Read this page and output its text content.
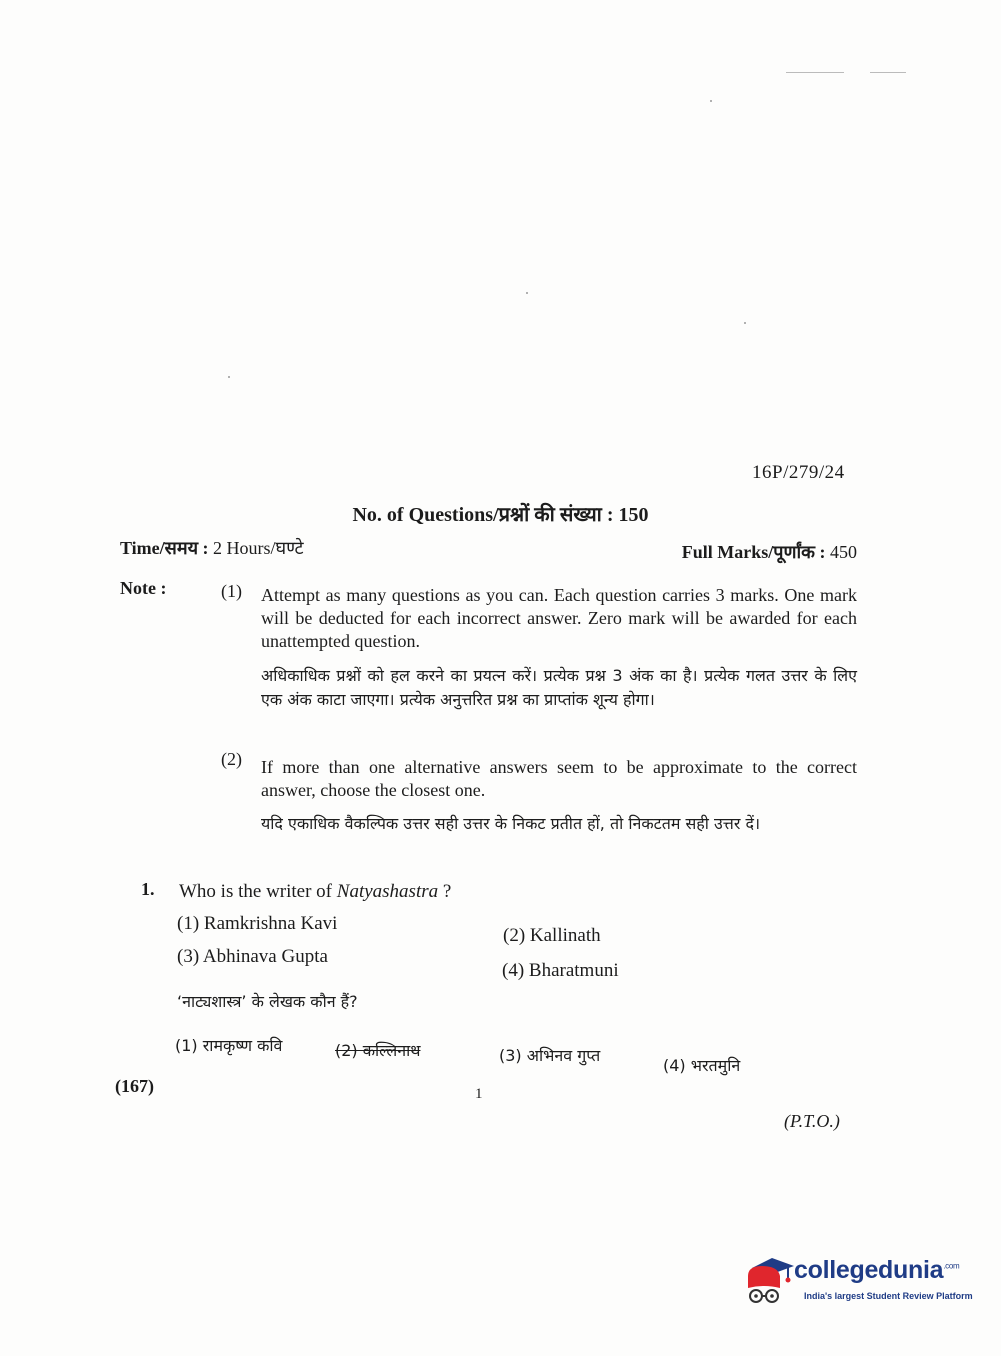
16P/279/24
No. of Questions/प्रश्नों की संख्या : 150
Time/समय : 2 Hours/घण्टे	Full Marks/पूर्णांक : 450
Note :	(1) Attempt as many questions as you can. Each question carries 3 marks. One mark will be deducted for each incorrect answer. Zero mark will be awarded for each unattempted question.
अधिकाधिक प्रश्नों को हल करने का प्रयत्न करें। प्रत्येक प्रश्न 3 अंक का है। प्रत्येक गलत उत्तर के लिए एक अंक काटा जाएगा। प्रत्येक अनुत्तरित प्रश्न का प्राप्तांक शून्य होगा।
(2) If more than one alternative answers seem to be approximate to the correct answer, choose the closest one.
यदि एकाधिक वैकल्पिक उत्तर सही उत्तर के निकट प्रतीत हों, तो निकटतम सही उत्तर दें।
1. Who is the writer of Natyashastra ?
(1) Ramkrishna Kavi
(2) Kallinath
(3) Abhinava Gupta
(4) Bharatmuni
‘नाट्यशास्त्र’ के लेखक कौन हैं?
(1) रामकृष्ण कवि	(2) कल्लिनाथ	(3) अभिनव गुप्त
(4) भरतमुनि
(167)	1
(P.T.O.)
collegedunia$^{.com}$
India's largest Student Review Platform
